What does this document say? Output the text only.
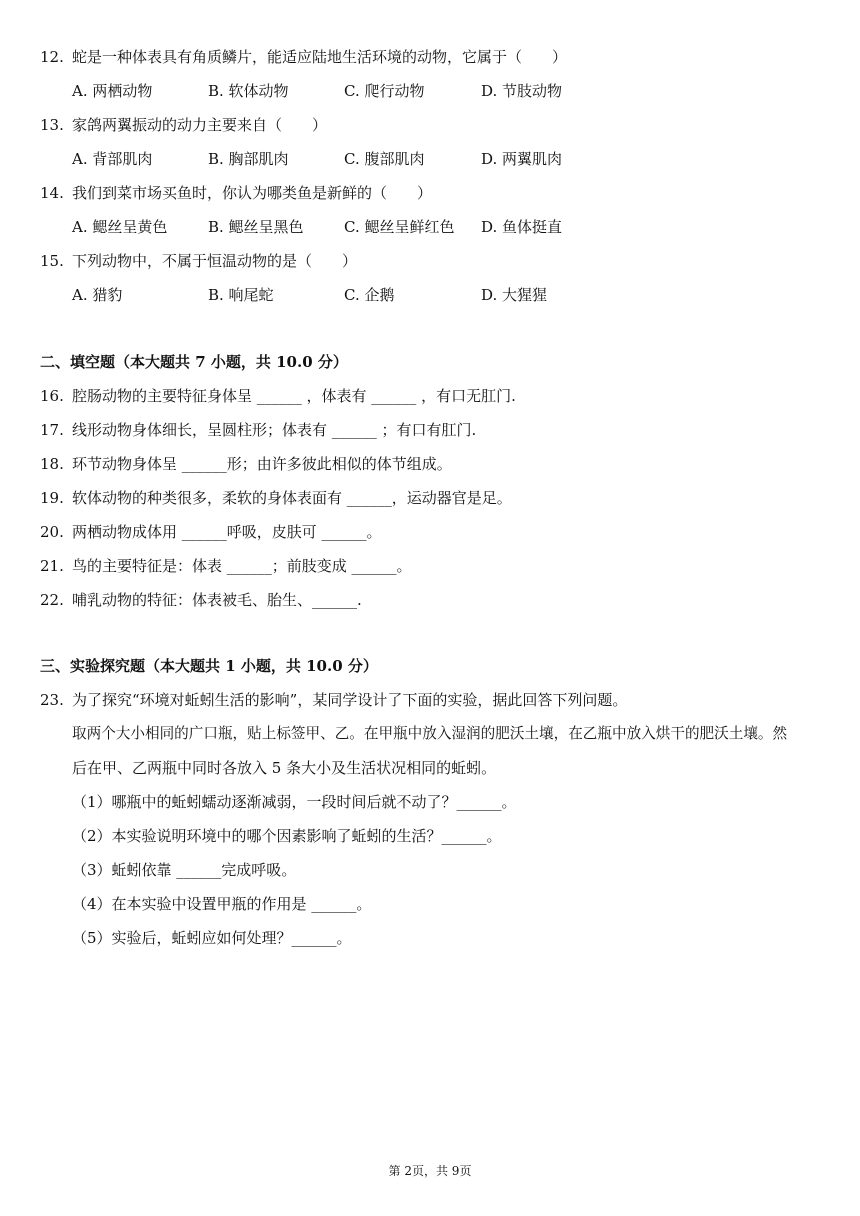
12. 蛇是一种体表具有角质鳞片，能适应陆地生活环境的动物，它属于（　　）
A. 两栖动物	B. 软体动物	C. 爬行动物	D. 节肢动物
13. 家鸽两翼振动的动力主要来自（　　）
A. 背部肌肉	B. 胸部肌肉	C. 腹部肌肉	D. 两翼肌肉
14. 我们到菜市场买鱼时，你认为哪类鱼是新鲜的（　　）
A. 鳃丝呈黄色	B. 鳃丝呈黑色	C. 鳃丝呈鲜红色 D. 鱼体挺直
15. 下列动物中，不属于恒温动物的是（　　）
A. 猎豹	B. 响尾蛇	C. 企鹅	D. 大猩猩
二、填空题（本大题共 7 小题，共 10.0 分）
16. 腔肠动物的主要特征身体呈 ______ ，体表有 ______ ，有口无肛门.
17. 线形动物身体细长，呈圆柱形；体表有 ______ ；有口有肛门.
18. 环节动物身体呈 ______形；由许多彼此相似的体节组成。
19. 软体动物的种类很多，柔软的身体表面有 ______，运动器官是足。
20. 两栖动物成体用 ______呼吸，皮肤可 ______。
21. 鸟的主要特征是：体表 ______；前肢变成 ______。
22. 哺乳动物的特征：体表被毛、胎生、______.
三、实验探究题（本大题共 1 小题，共 10.0 分）
23. 为了探究“环境对蚯蚓生活的影响”，某同学设计了下面的实验，据此回答下列问题。
取两个大小相同的广口瓶，贴上标签甲、乙。在甲瓶中放入湿润的肥沃土壤，在乙瓶中放入烘干的肥沃土壤。然
后在甲、乙两瓶中同时各放入 5 条大小及生活状况相同的蚯蚓。
（1）哪瓶中的蚯蚓蠕动逐渐减弱，一段时间后就不动了？______。
（2）本实验说明环境中的哪个因素影响了蚯蚓的生活？______。
（3）蚯蚓依靠 ______完成呼吸。
（4）在本实验中设置甲瓶的作用是 ______。
（5）实验后，蚯蚓应如何处理？______。
第 2页，共 9页
